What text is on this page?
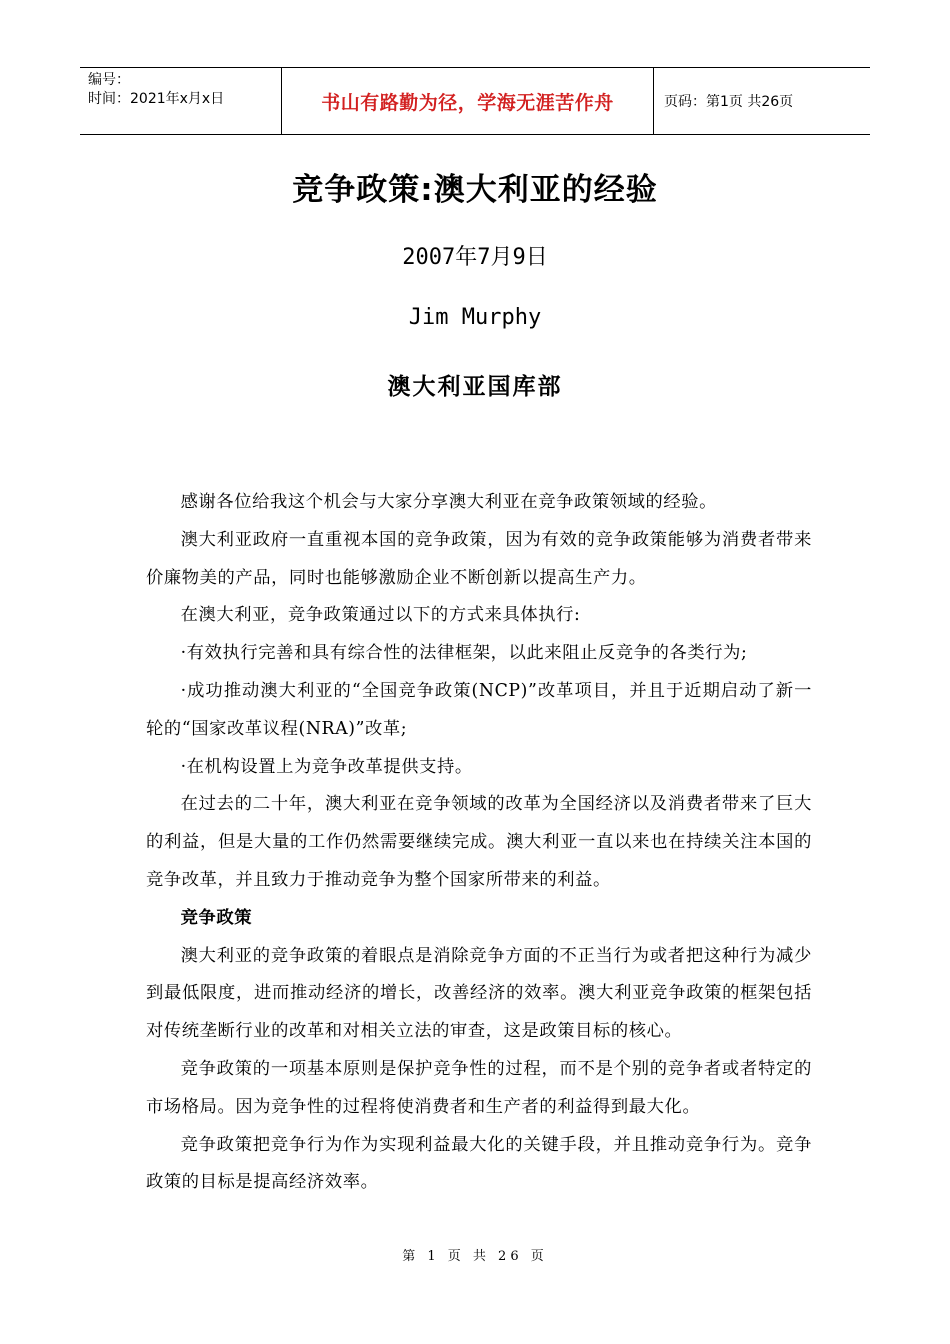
编号：
时间：2021年x月x日	书山有路勤为径，学海无涯苦作舟	页码：第1页 共26页
竞争政策:澳大利亚的经验
2007年7月9日
Jim Murphy
澳大利亚国库部

感谢各位给我这个机会与大家分享澳大利亚在竞争政策领域的经验。

澳大利亚政府一直重视本国的竞争政策，因为有效的竞争政策能够为消费者带来价廉物美的产品，同时也能够激励企业不断创新以提高生产力。

在澳大利亚，竞争政策通过以下的方式来具体执行:

·有效执行完善和具有综合性的法律框架，以此来阻止反竞争的各类行为;

·成功推动澳大利亚的“全国竞争政策(NCP)”改革项目，并且于近期启动了新一轮的“国家改革议程(NRA)”改革;

·在机构设置上为竞争改革提供支持。

在过去的二十年，澳大利亚在竞争领域的改革为全国经济以及消费者带来了巨大的利益，但是大量的工作仍然需要继续完成。澳大利亚一直以来也在持续关注本国的竞争改革，并且致力于推动竞争为整个国家所带来的利益。

竞争政策

澳大利亚的竞争政策的着眼点是消除竞争方面的不正当行为或者把这种行为减少到最低限度，进而推动经济的增长，改善经济的效率。澳大利亚竞争政策的框架包括对传统垄断行业的改革和对相关立法的审查，这是政策目标的核心。

竞争政策的一项基本原则是保护竞争性的过程，而不是个别的竞争者或者特定的市场格局。因为竞争性的过程将使消费者和生产者的利益得到最大化。

竞争政策把竞争行为作为实现利益最大化的关键手段，并且推动竞争行为。竞争政策的目标是提高经济效率。

第 1 页 共 26 页
